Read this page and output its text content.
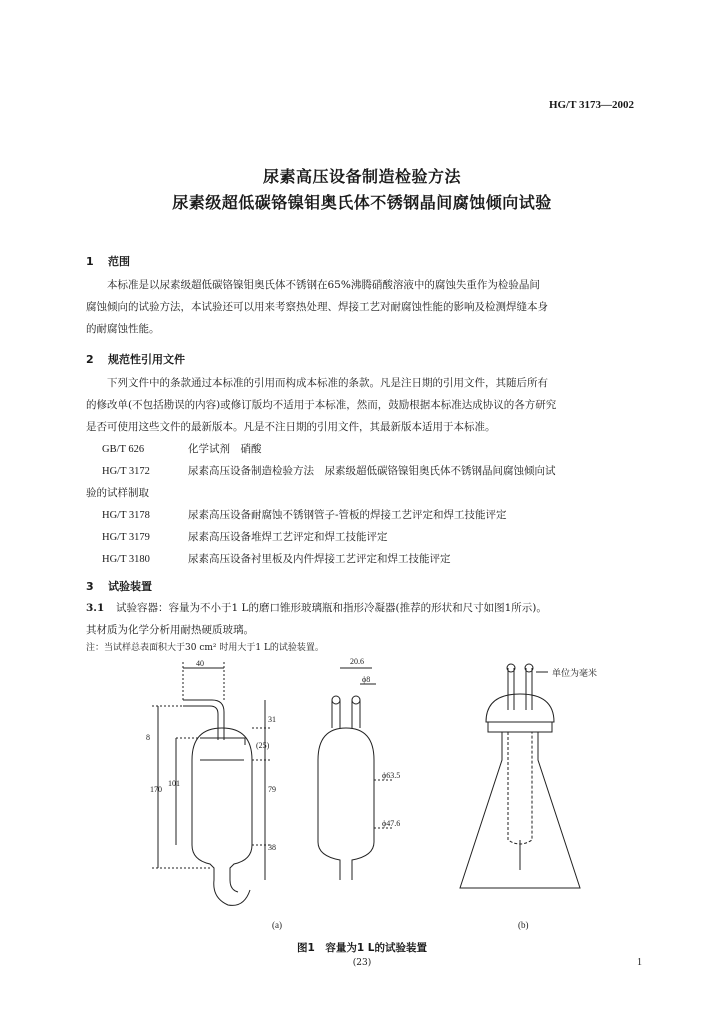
HG/T 3173—2002
尿素高压设备制造检验方法
尿素级超低碳铬镍钼奥氏体不锈钢晶间腐蚀倾向试验
1 范围
本标准是以尿素级超低碳铬镍钼奥氏体不锈钢在65%沸腾硝酸溶液中的腐蚀失重作为检验晶间
腐蚀倾向的试验方法，本试验还可以用来考察热处理、焊接工艺对耐腐蚀性能的影响及检测焊缝本身
的耐腐蚀性能。
2 规范性引用文件
下列文件中的条款通过本标准的引用而构成本标准的条款。凡是注日期的引用文件，其随后所有
的修改单(不包括勘误的内容)或修订版均不适用于本标准，然而，鼓励根据本标准达成协议的各方研究
是否可使用这些文件的最新版本。凡是不注日期的引用文件，其最新版本适用于本标准。
GB/T 626	化学试剂　硝酸
HG/T 3172	尿素高压设备制造检验方法　尿素级超低碳铬镍钼奥氏体不锈钢晶间腐蚀倾向试
验的试样制取
HG/T 3178	尿素高压设备耐腐蚀不锈钢管子-管板的焊接工艺评定和焊工技能评定
HG/T 3179	尿素高压设备堆焊工艺评定和焊工技能评定
HG/T 3180	尿素高压设备衬里板及内件焊接工艺评定和焊工技能评定
3 试验装置
3.1 试验容器：容量为不小于1 L的磨口锥形玻璃瓶和指形冷凝器(推荐的形状和尺寸如图1所示)。
其材质为化学分析用耐热硬质玻璃。
注：当试样总表面积大于30 cm² 时用大于1 L的试验装置。
40	20.6
ϕ8
31
(25)
8
170
101
79
38
ϕ63.5
ϕ47.6
单位为毫米
(a)	(b)
图1　容量为1 L的试验装置
(23)	1
